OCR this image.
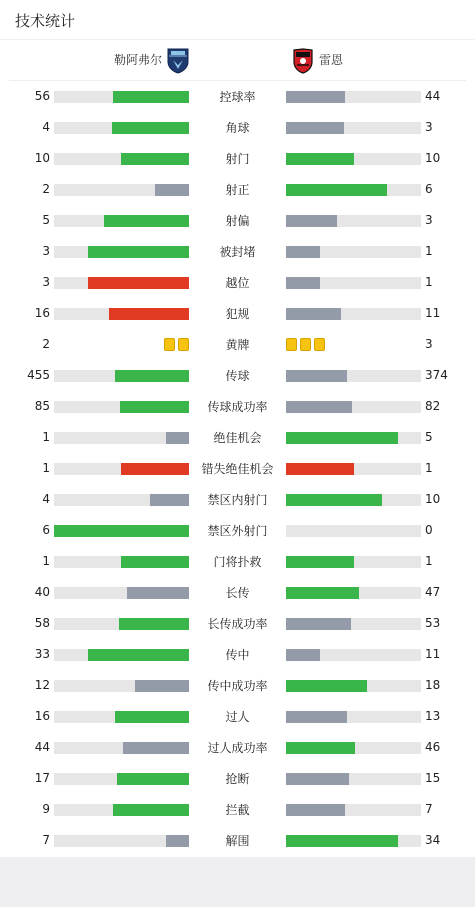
技术统计
勒阿弗尔	雷恩
56	控球率	44
4	角球	3
10	射门	10
2	射正	6
5	射偏	3
3	被封堵	1
3	越位	1
16	犯规	11
2	黄牌	3
455	传球	374
85	传球成功率	82
1	绝佳机会	5
1	错失绝佳机会	1
4	禁区内射门	10
6	禁区外射门	0
1	门将扑救	1
40	长传	47
58	长传成功率	53
33	传中	11
12	传中成功率	18
16	过人	13
44	过人成功率	46
17	抢断	15
9	拦截	7
7	解围	34
